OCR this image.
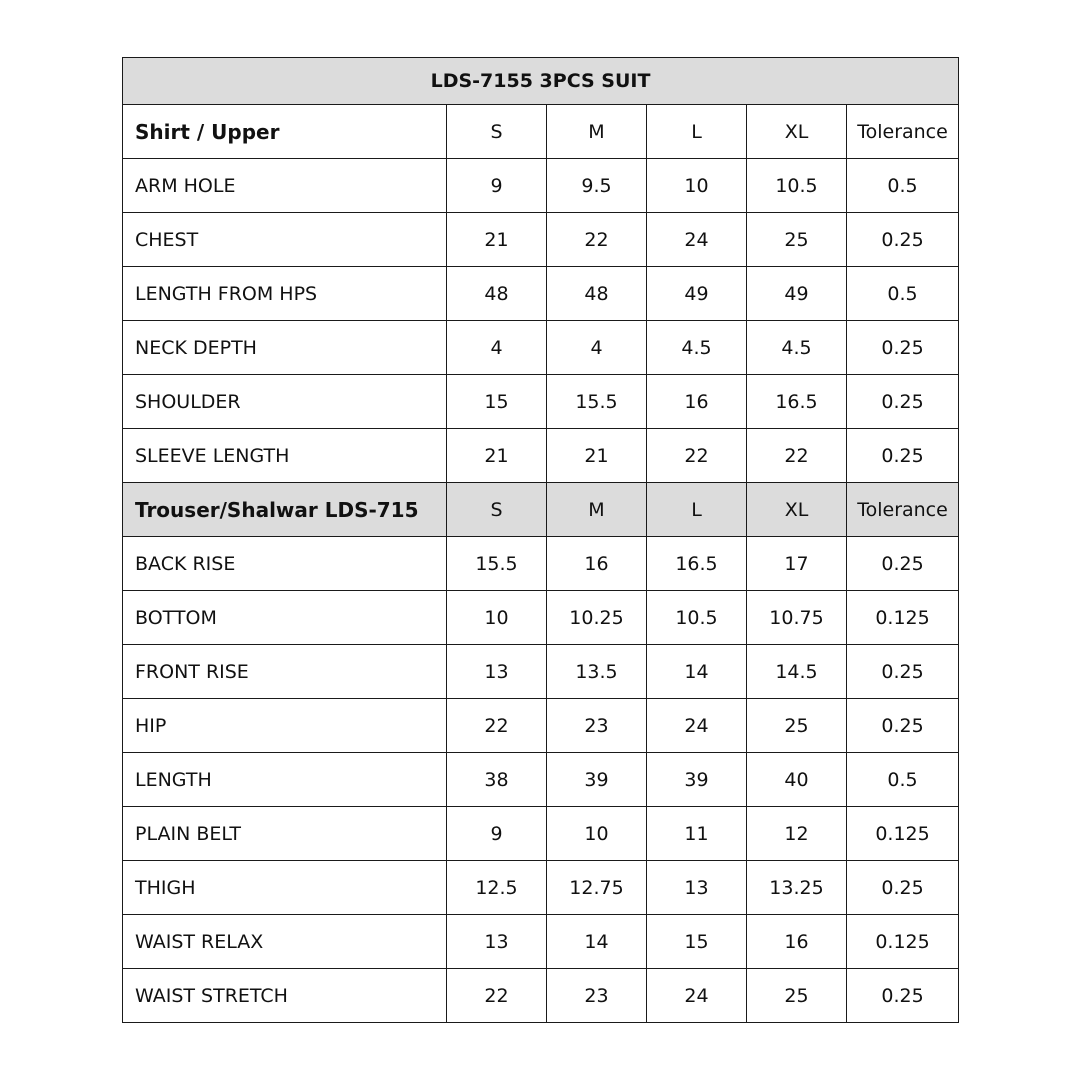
LDS-7155 3PCS SUIT					
Shirt / Upper	S	M	L	XL	Tolerance
ARM HOLE	9	9.5	10	10.5	0.5
CHEST	21	22	24	25	0.25
LENGTH FROM HPS	48	48	49	49	0.5
NECK DEPTH	4	4	4.5	4.5	0.25
SHOULDER	15	15.5	16	16.5	0.25
SLEEVE LENGTH	21	21	22	22	0.25
Trouser/Shalwar LDS-715	S	M	L	XL	Tolerance
BACK RISE	15.5	16	16.5	17	0.25
BOTTOM	10	10.25	10.5	10.75	0.125
FRONT RISE	13	13.5	14	14.5	0.25
HIP	22	23	24	25	0.25
LENGTH	38	39	39	40	0.5
PLAIN BELT	9	10	11	12	0.125
THIGH	12.5	12.75	13	13.25	0.25
WAIST RELAX	13	14	15	16	0.125
WAIST STRETCH	22	23	24	25	0.25
